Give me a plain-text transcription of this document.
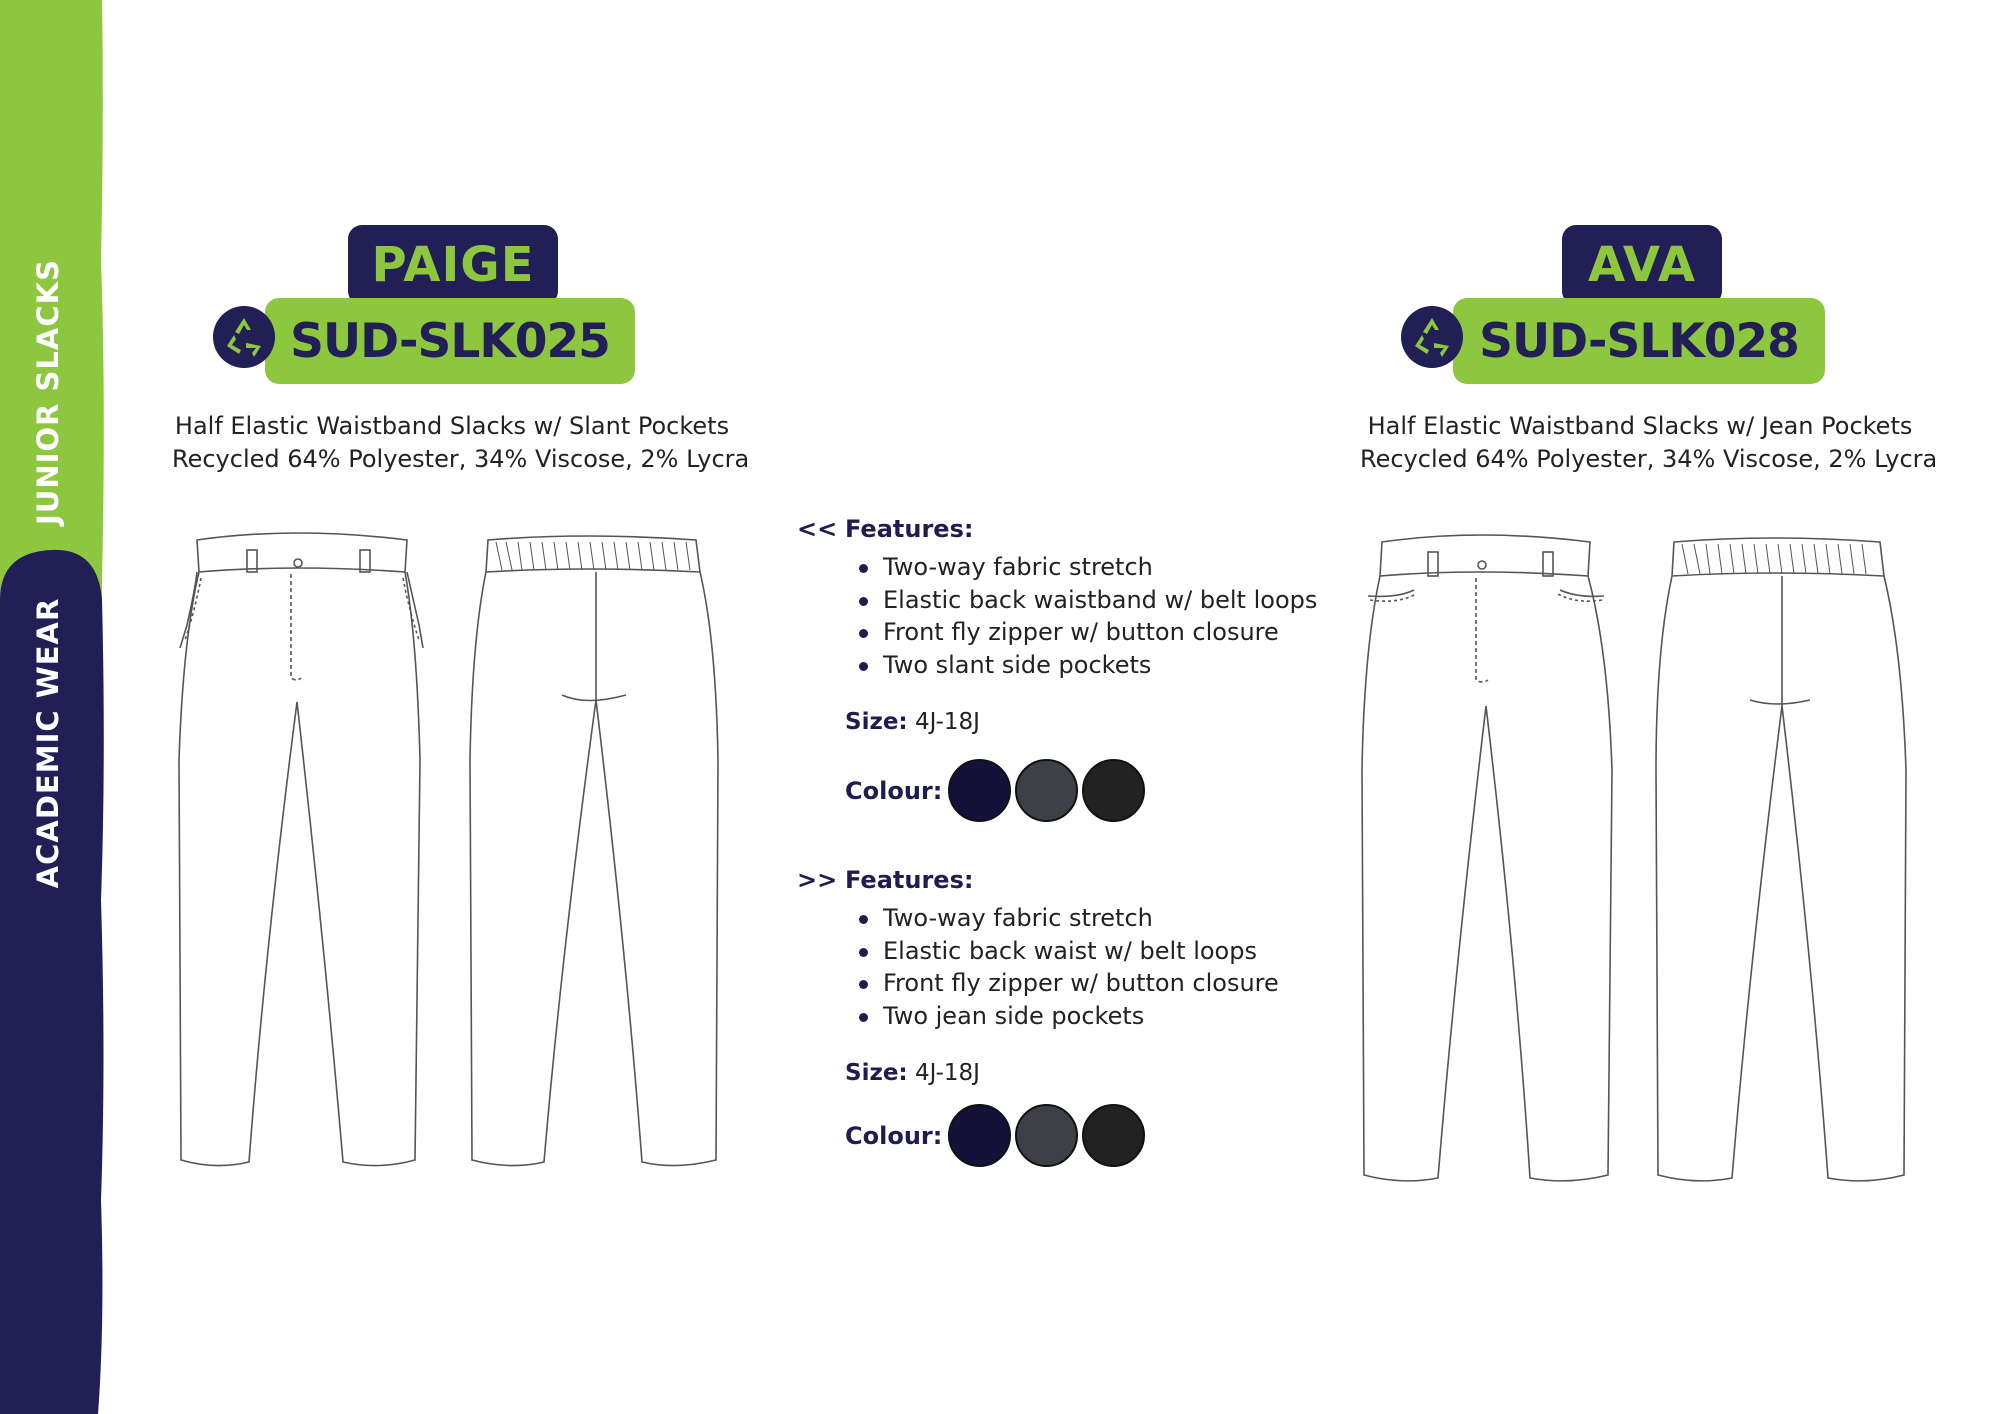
JUNIOR SLACKS
ACADEMIC WEAR
PAIGE
SUD-SLK025
Half Elastic Waistband Slacks w/ Slant Pockets
Recycled 64% Polyester, 34% Viscose, 2% Lycra
AVA
SUD-SLK028
Half Elastic Waistband Slacks w/ Jean Pockets
Recycled 64% Polyester, 34% Viscose, 2% Lycra
<< Features:
Two-way fabric stretch
Elastic back waistband w/ belt loops
Front fly zipper w/ button closure
Two slant side pockets
Size: 4J-18J
Colour:
>> Features:
Two-way fabric stretch
Elastic back waist w/ belt loops
Front fly zipper w/ button closure
Two jean side pockets
Size: 4J-18J
Colour:
